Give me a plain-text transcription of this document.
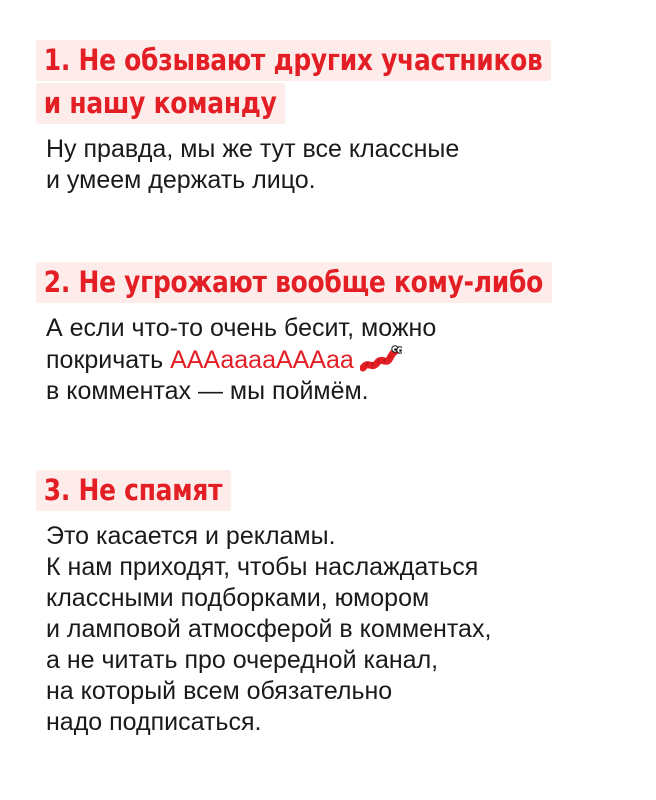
1. Не обзывают других участников
и нашу команду
Ну правда, мы же тут все классные
и умеем держать лицо.
2. Не угрожают вообще кому-либо
А если что-то очень бесит, можно
покричать АААааааААAаа
в комментах — мы поймём.
3. Не спамят
Это касается и рекламы.
К нам приходят, чтобы наслаждаться
классными подборками, юмором
и ламповой атмосферой в комментах,
а не читать про очередной канал,
на который всем обязательно
надо подписаться.
